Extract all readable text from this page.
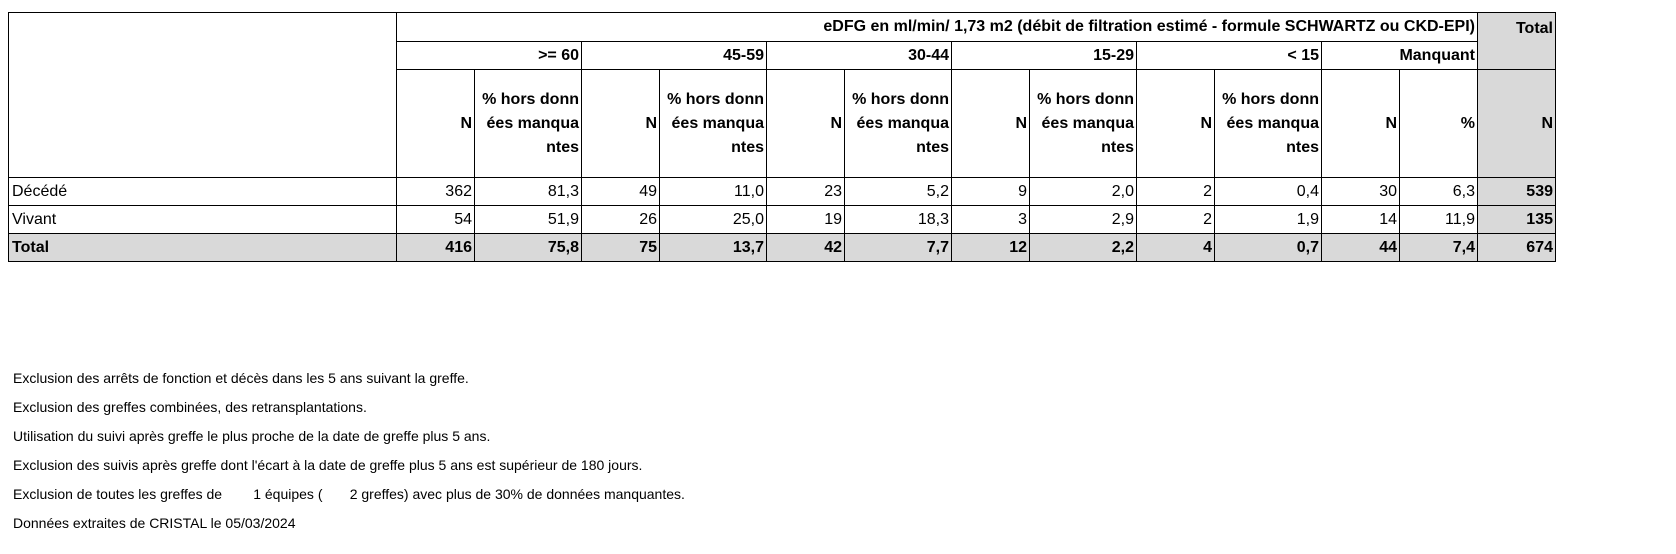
	eDFG en ml/min/ 1,73 m2 (débit de filtration estimé - formule SCHWARTZ ou CKD-EPI)												Total
	>= 60		45-59		30-44		15-29		< 15		Manquant		
	N	% hors données manquantes	N	% hors données manquantes	N	% hors données manquantes	N	% hors données manquantes	N	% hors données manquantes	N	%	N
Décédé	362	81,3	49	11,0	23	5,2	9	2,0	2	0,4	30	6,3	539
Vivant	54	51,9	26	25,0	19	18,3	3	2,9	2	1,9	14	11,9	135
Total	416	75,8	75	13,7	42	7,7	12	2,2	4	0,7	44	7,4	674
Exclusion des arrêts de fonction et décès dans les 5 ans suivant la greffe.
Exclusion des greffes combinées, des retransplantations.
Utilisation du suivi après greffe le plus proche de la date de greffe plus 5 ans.
Exclusion des suivis après greffe dont l'écart à la date de greffe plus 5 ans est supérieur de 180 jours.
Exclusion de toutes les greffes de        1 équipes (       2 greffes) avec plus de 30% de données manquantes.
Données extraites de CRISTAL le 05/03/2024
